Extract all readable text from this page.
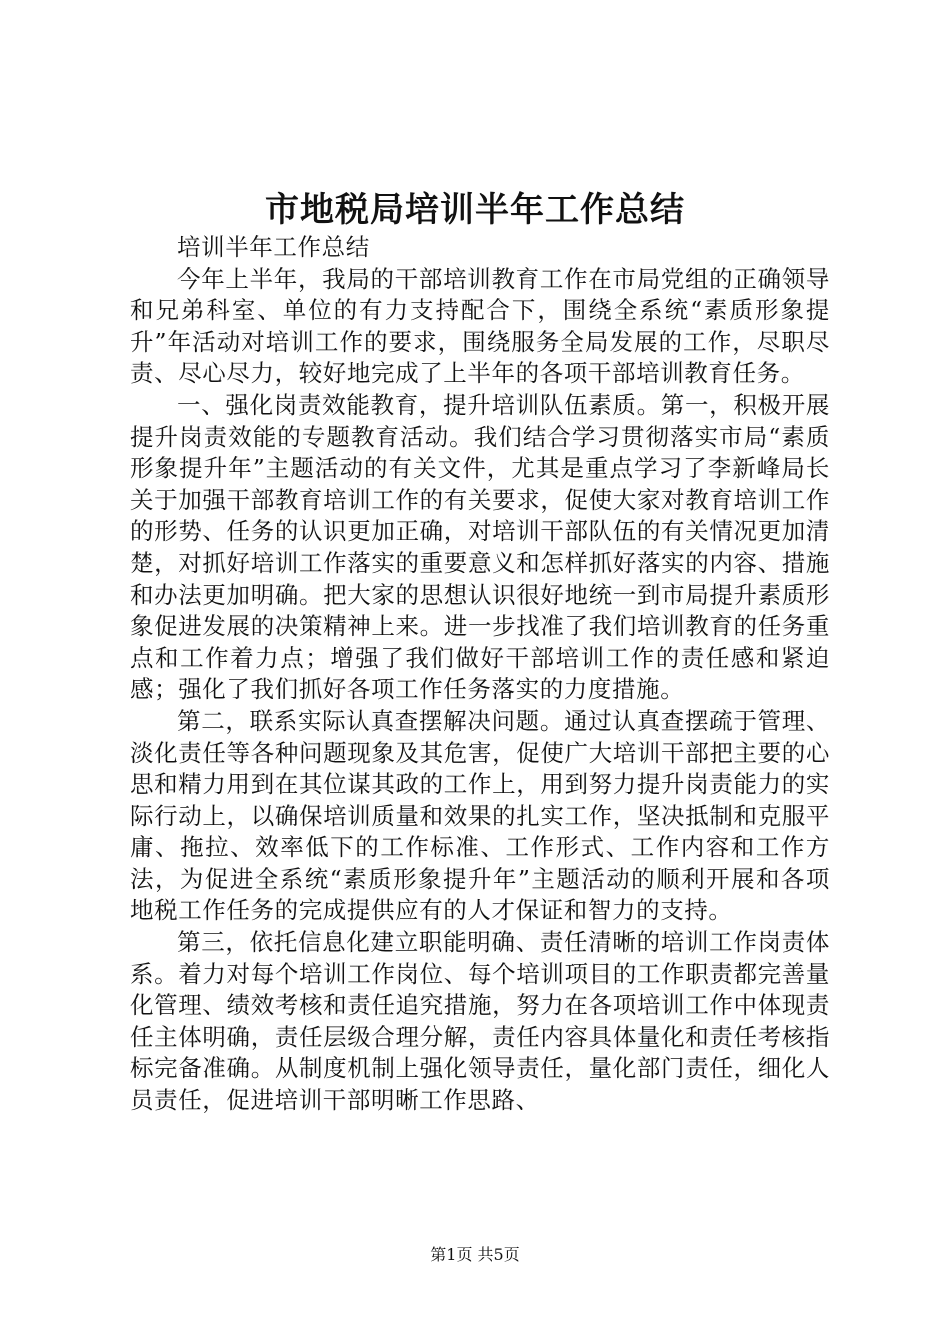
市地税局培训半年工作总结

培训半年工作总结

今年上半年，我局的干部培训教育工作在市局党组的正确领导和兄弟科室、单位的有力支持配合下，围绕全系统“素质形象提升”年活动对培训工作的要求，围绕服务全局发展的工作，尽职尽责、尽心尽力，较好地完成了上半年的各项干部培训教育任务。

一、强化岗责效能教育，提升培训队伍素质。第一，积极开展提升岗责效能的专题教育活动。我们结合学习贯彻落实市局“素质形象提升年”主题活动的有关文件，尤其是重点学习了李新峰局长关于加强干部教育培训工作的有关要求，促使大家对教育培训工作的形势、任务的认识更加正确，对培训干部队伍的有关情况更加清楚，对抓好培训工作落实的重要意义和怎样抓好落实的内容、措施和办法更加明确。把大家的思想认识很好地统一到市局提升素质形象促进发展的决策精神上来。进一步找准了我们培训教育的任务重点和工作着力点；增强了我们做好干部培训工作的责任感和紧迫感；强化了我们抓好各项工作任务落实的力度措施。

第二，联系实际认真查摆解决问题。通过认真查摆疏于管理、淡化责任等各种问题现象及其危害，促使广大培训干部把主要的心思和精力用到在其位谋其政的工作上，用到努力提升岗责能力的实际行动上，以确保培训质量和效果的扎实工作，坚决抵制和克服平庸、拖拉、效率低下的工作标准、工作形式、工作内容和工作方法，为促进全系统“素质形象提升年”主题活动的顺利开展和各项地税工作任务的完成提供应有的人才保证和智力的支持。

第三，依托信息化建立职能明确、责任清晰的培训工作岗责体系。着力对每个培训工作岗位、每个培训项目的工作职责都完善量化管理、绩效考核和责任追究措施，努力在各项培训工作中体现责任主体明确，责任层级合理分解，责任内容具体量化和责任考核指标完备准确。从制度机制上强化领导责任，量化部门责任，细化人员责任，促进培训干部明晰工作思路、

第1页 共5页
